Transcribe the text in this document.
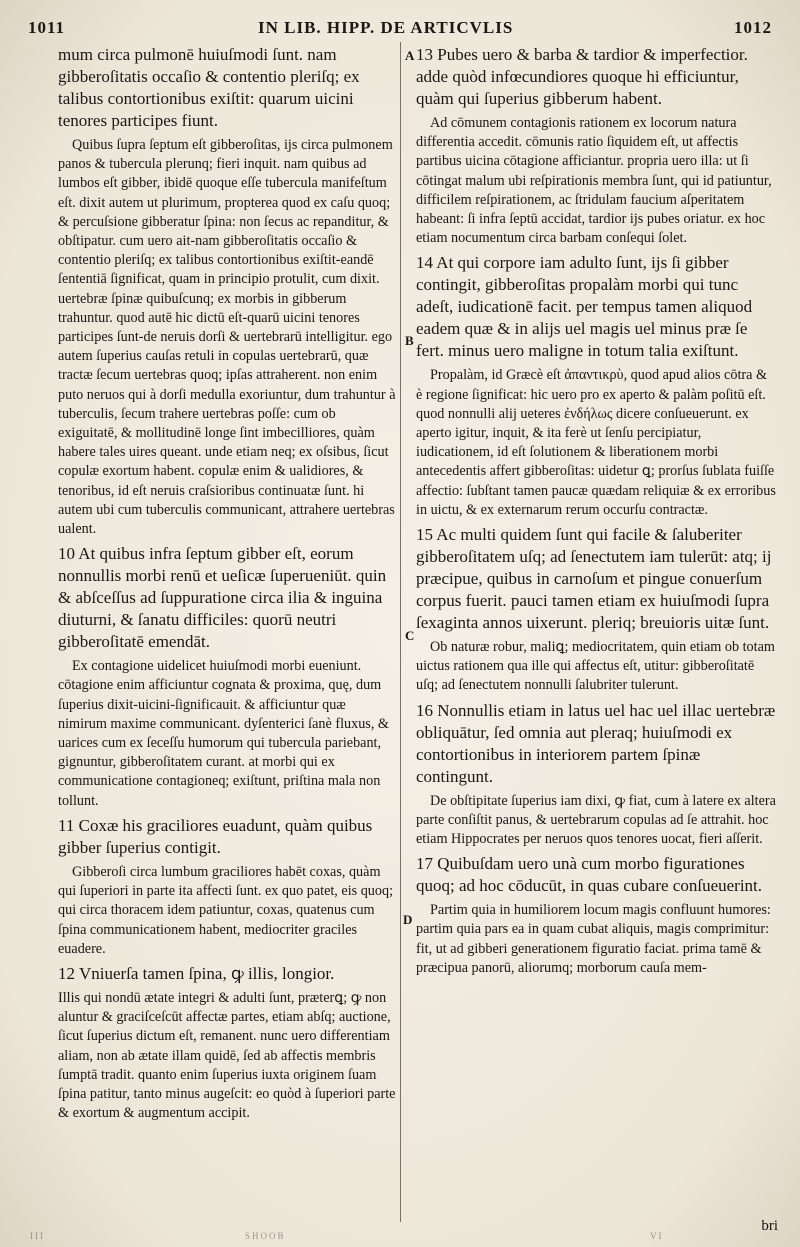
1011	IN LIB. HIPP. DE ARTICVLIS	1012
A
B
C
D

mum circa pulmonē huiuſmodi ſunt. nam gibberoſitatis occaſio & contentio pleriſq; ex talibus contortionibus exiſtit: quarum uicini tenores participes fiunt.

Quibus ſupra ſeptum eſt gibberoſitas, ijs circa pulmonem panos & tubercula plerunq; fieri inquit. nam quibus ad lumbos eſt gibber, ibidē quoque eſſe tubercula manifeſtum eſt. dixit autem ut plurimum, propterea quod ex caſu quoq; & percuſsione gibberatur ſpina: non ſecus ac repanditur, & obſtipatur. cum uero ait-nam gibberoſitatis occaſio & contentio pleriſq; ex talibus contortionibus exiſtit-eandē ſententiā ſignificat, quam in principio protulit, cum dixit. uertebræ ſpinæ quibuſcunq; ex morbis in gibberum trahuntur. quod autē hic dictū eſt-quarū uicini tenores participes ſunt-de neruis dorſi & uertebrarū intelligitur. ego autem ſuperius cauſas retuli in copulas uertebrarū, quæ tractæ ſecum uertebras quoq; ipſas attraherent. non enim puto neruos qui à dorſi medulla exoriuntur, dum trahuntur à tuberculis, ſecum trahere uertebras poſſe: cum ob exiguitatē, & mollitudinē longe ſint imbecilliores, quàm habere tales uires queant. unde etiam neq; ex oſsibus, ſicut copulæ exortum habent. copulæ enim & ualidiores, & tenoribus, id eſt neruis craſsioribus continuatæ ſunt. hi autem ubi cum tuberculis communicant, attrahere uertebras ualent.

10 At quibus infra ſeptum gibber eſt, eorum nonnullis morbi renū et ueſicæ ſuperueniūt. quin & abſceſſus ad ſuppuratione circa ilia & inguina diuturni, & ſanatu difficiles: quorū neutri gibberoſitatē emendāt.

Ex contagione uidelicet huiuſmodi morbi eueniunt. cōtagione enim afficiuntur cognata & proxima, quę, dum ſuperius dixit-uicini-ſignificauit. & afficiuntur quæ nimirum maxime communicant. dyſenterici ſanè fluxus, & uarices cum ex ſeceſſu humorum qui tubercula pariebant, gignuntur, gibberoſitatem curant. at morbi qui ex communicatione contagioneq; exiſtunt, priſtina mala non tollunt.

11 Coxæ his graciliores euadunt, quàm quibus gibber ſuperius contigit.

Gibberoſi circa lumbum graciliores habēt coxas, quàm qui ſuperiori in parte ita affecti ſunt. ex quo patet, eis quoq; qui circa thoracem idem patiuntur, coxas, quatenus cum ſpina communicationem habent, mediocriter graciles euadere.

12 Vniuerſa tamen ſpina, ꝙ illis, longior.

Illis qui nondū ætate integri & adulti ſunt, præterꝗ; ꝙ non aluntur & graciſceſcūt affectæ partes, etiam abſq; auctione, ſicut ſuperius dictum eſt, remanent. nunc uero differentiam aliam, non ab ætate illam quidē, ſed ab affectis membris ſumptā tradit. quanto enim ſuperius iuxta originem ſuam ſpina patitur, tanto minus augeſcit: eo quòd à ſuperiori parte & exortum & augmentum accipit.

13 Pubes uero & barba & tardior & imperfectior. adde quòd infœcundiores quoque hi efficiuntur, quàm qui ſuperius gibberum habent.

Ad cōmunem contagionis rationem ex locorum natura differentia accedit. cōmunis ratio ſiquidem eſt, ut affectis partibus uicina cōtagione afficiantur. propria uero illa: ut ſi cōtingat malum ubi reſpirationis membra ſunt, qui id patiuntur, difficilem reſpirationem, ac ſtridulam faucium aſperitatem habeant: ſi infra ſeptū accidat, tardior ijs pubes oriatur. ex hoc etiam nocumentum circa barbam conſequi ſolet.

14 At qui corpore iam adulto ſunt, ijs ſi gibber contingit, gibberoſitas propalàm morbi qui tunc adeſt, iudicationē facit. per tempus tamen aliquod eadem quæ & in alijs uel magis uel minus præ ſe fert. minus uero maligne in totum talia exiſtunt.

Propalàm, id Græcè eſt ἀπαντικρὺ, quod apud alios cōtra & è regione ſignificat: hic uero pro ex aperto & palàm poſitū eſt. quod nonnulli alij ueteres ἐνδήλως dicere conſueuerunt. ex aperto igitur, inquit, & ita ferè ut ſenſu percipiatur, iudicationem, id eſt ſolutionem & liberationem morbi antecedentis affert gibberoſitas: uidetur ꝗ; prorſus ſublata fuiſſe affectio: ſubſtant tamen paucæ quædam reliquiæ & ex erroribus in uictu, & ex externarum rerum occurſu contractæ.

15 Ac multi quidem ſunt qui facile & ſaluberiter gibberoſitatem uſq; ad ſenectutem iam tulerūt: atq; ij præcipue, quibus in carnoſum et pingue conuerſum corpus fuerit. pauci tamen etiam ex huiuſmodi ſupra ſexaginta annos uixerunt. pleriq; breuioris uitæ ſunt.

Ob naturæ robur, maliꝗ; mediocritatem, quin etiam ob totam uictus rationem qua ille qui affectus eſt, utitur: gibberoſitatē uſq; ad ſenectutem nonnulli ſalubriter tulerunt.

16 Nonnullis etiam in latus uel hac uel illac uertebræ obliquātur, ſed omnia aut pleraq; huiuſmodi ex contortionibus in interiorem partem ſpinæ contingunt.

De obſtipitate ſuperius iam dixi, ꝙ fiat, cum à latere ex altera parte conſiſtit panus, & uertebrarum copulas ad ſe attrahit. hoc etiam Hippocrates per neruos quos tenores uocat, fieri aſſerit.

17 Quibuſdam uero unà cum morbo figurationes quoq; ad hoc cōducūt, in quas cubare conſueuerint.

Partim quia in humiliorem locum magis confluunt humores: partim quia pars ea in quam cubat aliquis, magis comprimitur: fit, ut ad gibberi generationem figuratio faciat. prima tamē & præcipua panorū, aliorumq; morborum cauſa mem-

bri
III	SHOOB	VI
